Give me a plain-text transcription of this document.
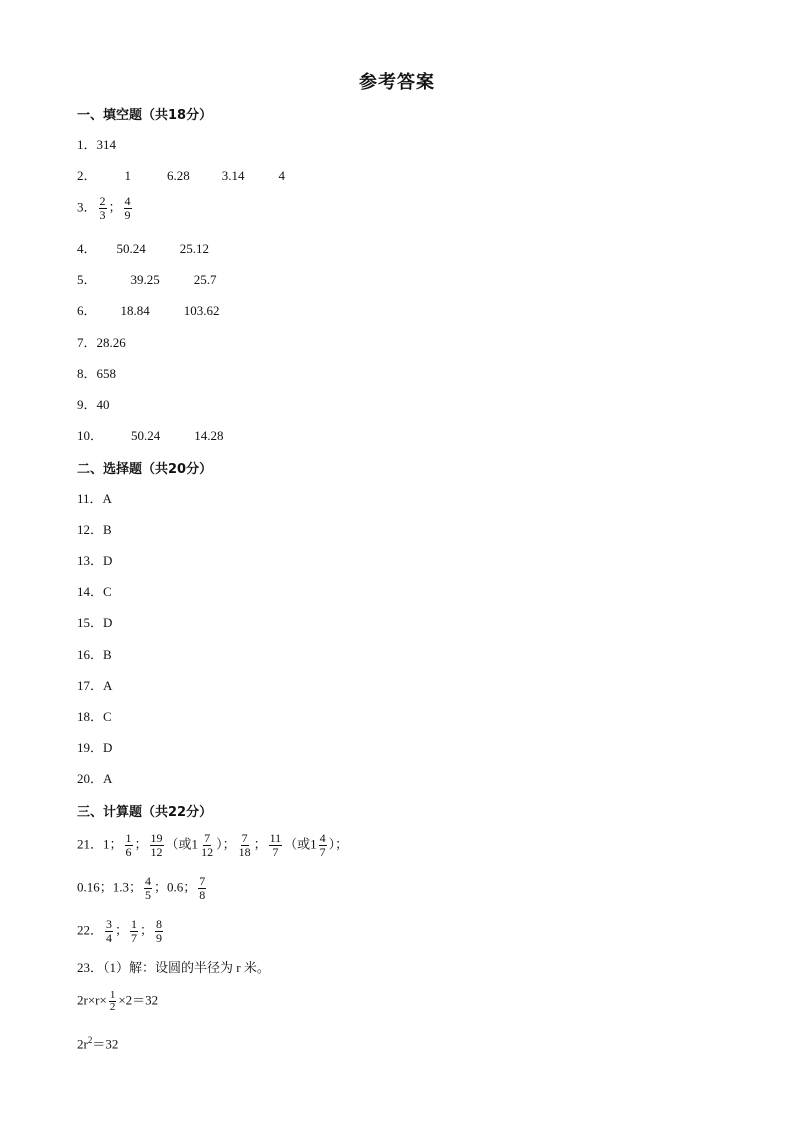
参考答案
一、填空题（共18分）
1．314
2． 1	6.28 3.14	4
3． $\frac{2}{3}$ ； $\frac{4}{9}$
4． 50.24	25.12
5．	39.25	25.7
6． 18.84	103.62
7．28.26
8．658
9．40
10． 50.24	14.28
二、选择题（共20分）
11．A
12．B
13．D
14．C
15．D
16．B
17．A
18．C
19．D
20．A
三、计算题（共22分）
21．1； $\frac{1}{6}$ ； $\frac{19}{12}$ （或$1 \frac{7}{12}$ ）； $\frac{7}{18}$ ； $\frac{11}{7}$ （或$1 \frac{4}{7}$ ）；
0.16；1.3； $\frac{4}{5}$ ；0.6； $\frac{7}{8}$
22． $\frac{3}{4}$ ； $\frac{1}{7}$ ； $\frac{8}{9}$
23．（1）解：设圆的半径为 r 米。
$2r\times r\times \frac{1}{2} \times 2=32$
$2r^2=32$
